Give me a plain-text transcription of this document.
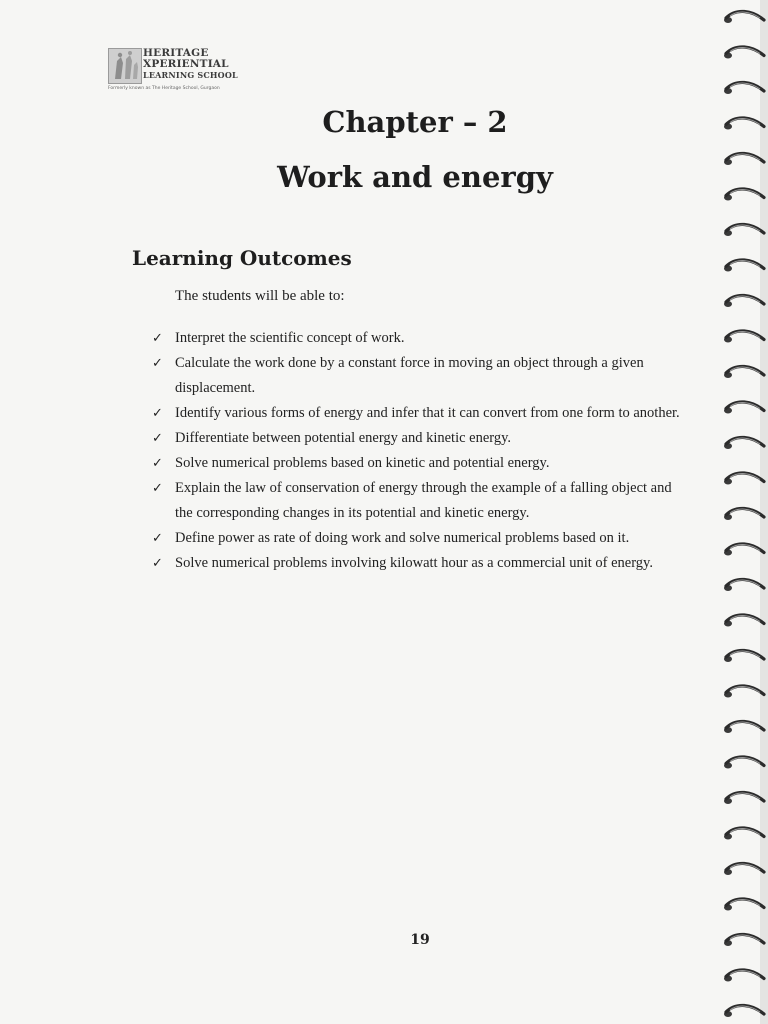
HERITAGE
XPERIENTIAL
LEARNING SCHOOL
Formerly known as The Heritage School, Gurgaon
Chapter – 2
Work and energy
Learning Outcomes
The students will be able to:
✓ Interpret the scientific concept of work.
✓ Calculate the work done by a constant force in moving an object through a given displacement.
✓ Identify various forms of energy and infer that it can convert from one form to another.
✓ Differentiate between potential energy and kinetic energy.
✓ Solve numerical problems based on kinetic and potential energy.
✓ Explain the law of conservation of energy through the example of a falling object and the corresponding changes in its potential and kinetic energy.
✓ Define power as rate of doing work and solve numerical problems based on it.
✓ Solve numerical problems involving kilowatt hour as a commercial unit of energy.
19
